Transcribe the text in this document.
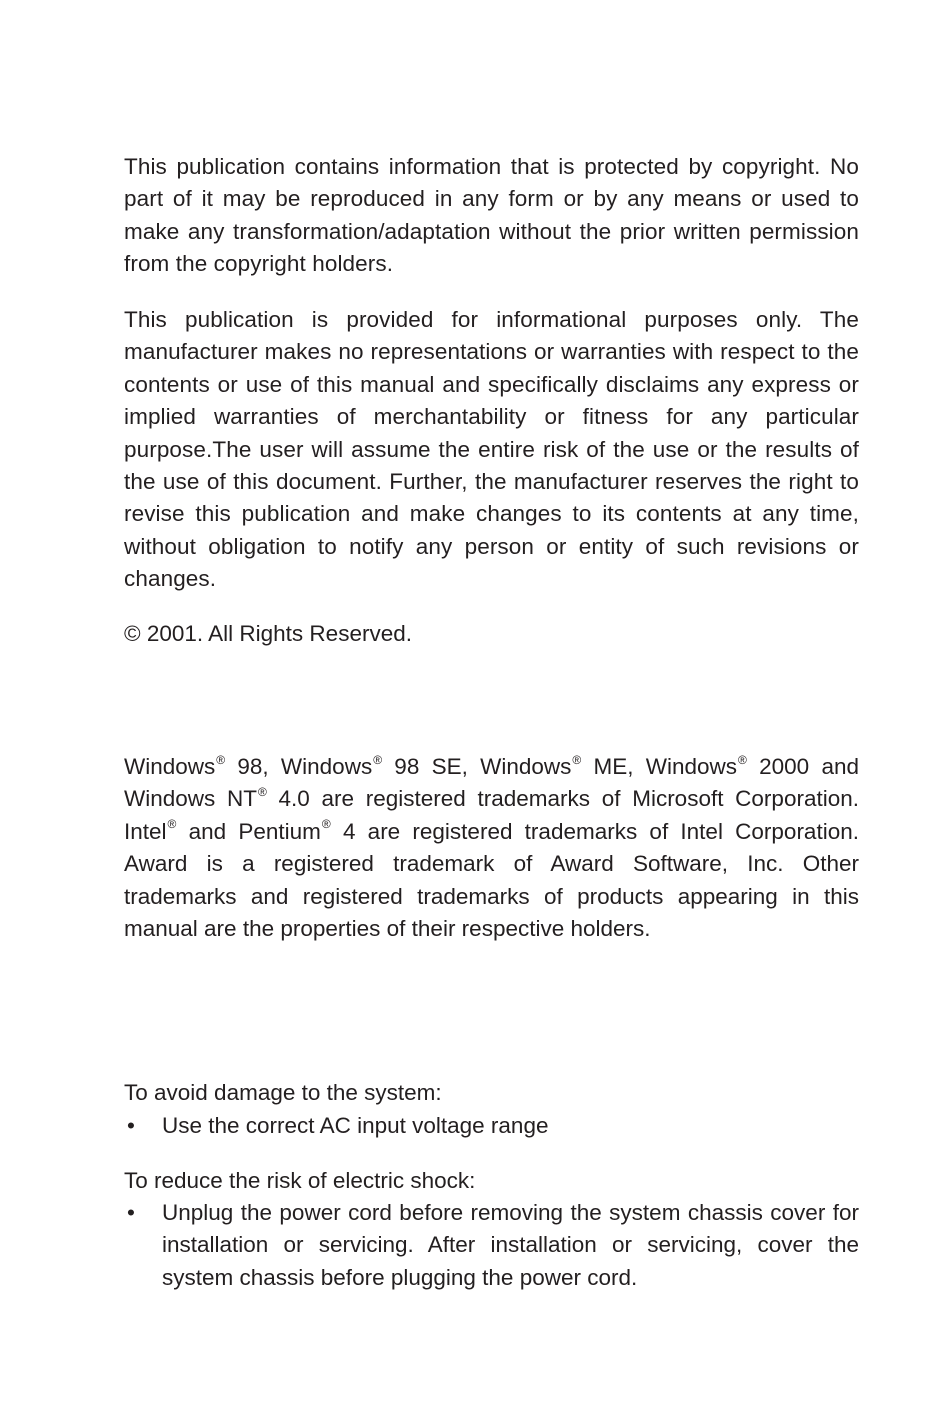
This publication contains information that is protected by copyright. No part of it may be reproduced in any form or by any means or used to make any transformation/adaptation without the prior written permission from the copyright holders.

This publication is provided for informational purposes only. The manufacturer makes no representations or warranties with respect to the contents or use of this manual and specifically disclaims any express or implied warranties of merchantability or fitness for any particular purpose.The user will assume the entire risk of the use or the results of the use of this document. Further, the manufacturer reserves the right to revise this publication and make changes to its contents at any time, without obligation to notify any person or entity of such revisions or changes.

© 2001. All Rights Reserved.

Windows® 98, Windows® 98 SE, Windows® ME, Windows® 2000 and Windows NT® 4.0 are registered trademarks of Microsoft Corporation. Intel® and Pentium® 4 are registered trademarks of Intel Corporation. Award is a registered trademark of Award Software, Inc. Other trademarks and registered trademarks of products appearing in this manual are the properties of their respective holders.

To avoid damage to the system:

•	Use the correct AC input voltage range

To reduce the risk of electric shock:

•	Unplug the power cord before removing the system chassis cover for installation or servicing. After installation or servicing, cover the system chassis before plugging the power cord.
